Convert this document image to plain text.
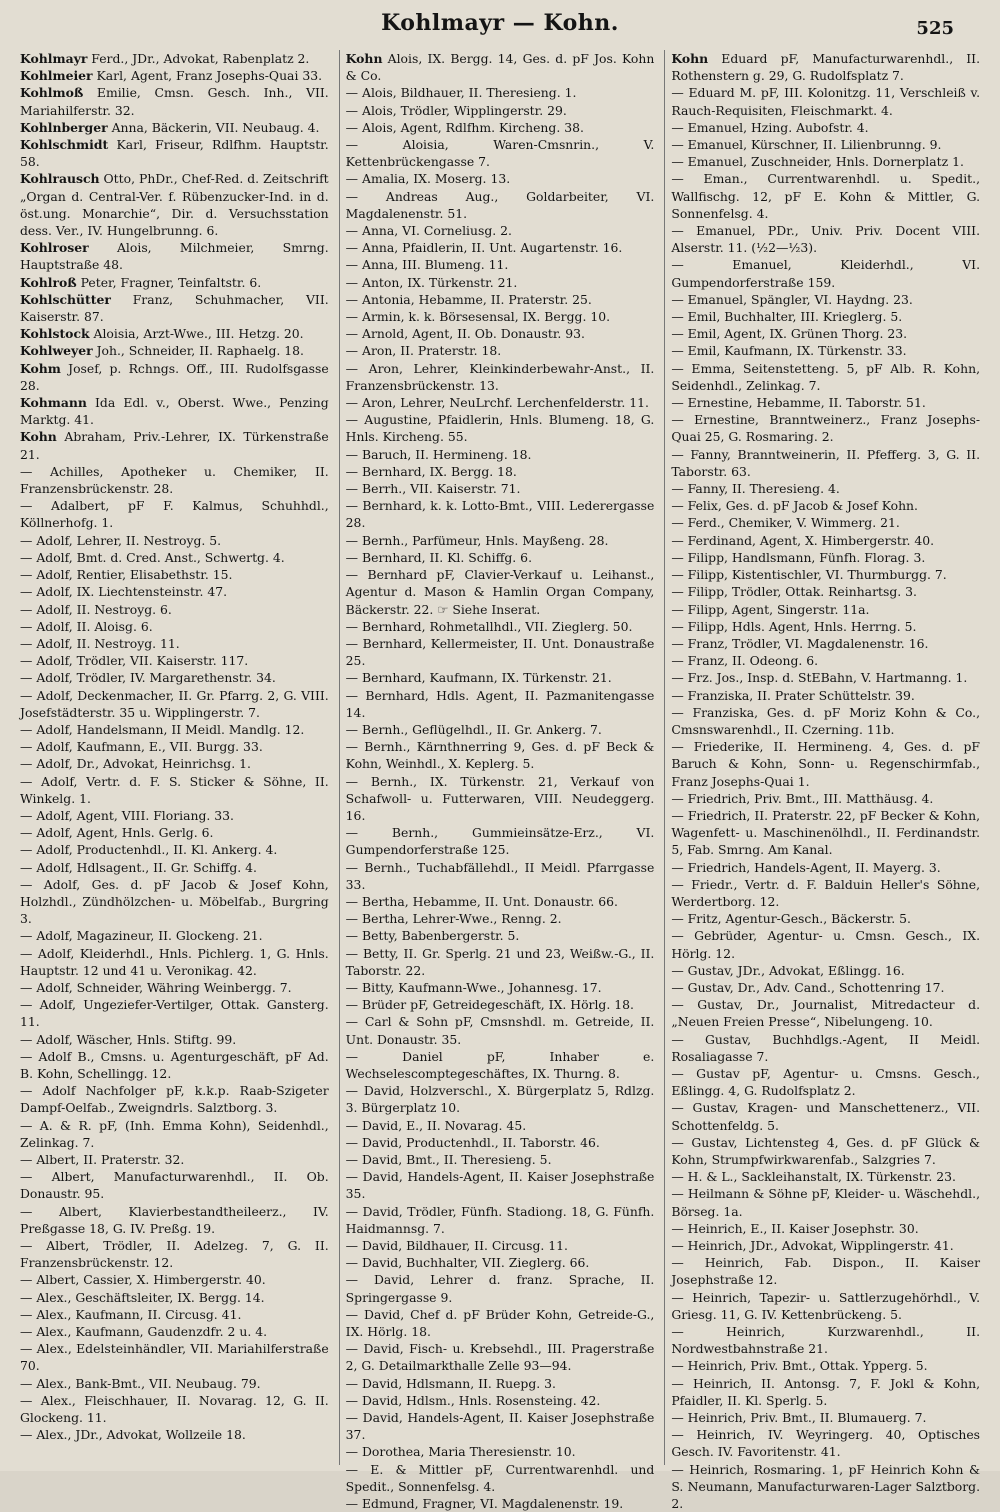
Kohlmayr — Kohn.	525
Kohlmayr Ferd., JDr., Advokat, Rabenplatz 2.
Kohlmeier Karl, Agent, Franz Josephs-Quai 33.
Kohlmoß Emilie, Cmsn. Gesch. Inh., VII. Mariahilferstr. 32.
Kohlnberger Anna, Bäckerin, VII. Neubaug. 4.
Kohlschmidt Karl, Friseur, Rdlfhm. Hauptstr. 58.
Kohlrausch Otto, PhDr., Chef-Red. d. Zeitschrift „Organ d. Central-Ver. f. Rübenzucker-Ind. in d. öst.ung. Monarchie“, Dir. d. Versuchsstation dess. Ver., IV. Hungelbrunng. 6.
Kohlroser Alois, Milchmeier, Smrng. Hauptstraße 48.
Kohlroß Peter, Fragner, Teinfaltstr. 6.
Kohlschütter Franz, Schuhmacher, VII. Kaiserstr. 87.
Kohlstock Aloisia, Arzt-Wwe., III. Hetzg. 20.
Kohlweyer Joh., Schneider, II. Raphaelg. 18.
Kohm Josef, p. Rchngs. Off., III. Rudolfsgasse 28.
Kohmann Ida Edl. v., Oberst. Wwe., Penzing Marktg. 41.
Kohn Abraham, Priv.-Lehrer, IX. Türkenstraße 21.
— Achilles, Apotheker u. Chemiker, II. Franzensbrückenstr. 28.
— Adalbert, pF F. Kalmus, Schuhhdl., Köllnerhofg. 1.
— Adolf, Lehrer, II. Nestroyg. 5.
— Adolf, Bmt. d. Cred. Anst., Schwertg. 4.
— Adolf, Rentier, Elisabethstr. 15.
— Adolf, IX. Liechtensteinstr. 47.
— Adolf, II. Nestroyg. 6.
— Adolf, II. Aloisg. 6.
— Adolf, II. Nestroyg. 11.
— Adolf, Trödler, VII. Kaiserstr. 117.
— Adolf, Trödler, IV. Margarethenstr. 34.
— Adolf, Deckenmacher, II. Gr. Pfarrg. 2, G. VIII. Josefstädterstr. 35 u. Wipplingerstr. 7.
— Adolf, Handelsmann, II Meidl. Mandlg. 12.
— Adolf, Kaufmann, E., VII. Burgg. 33.
— Adolf, Dr., Advokat, Heinrichsg. 1.
— Adolf, Vertr. d. F. S. Sticker & Söhne, II. Winkelg. 1.
— Adolf, Agent, VIII. Floriang. 33.
— Adolf, Agent, Hnls. Gerlg. 6.
— Adolf, Productenhdl., II. Kl. Ankerg. 4.
— Adolf, Hdlsagent., II. Gr. Schiffg. 4.
— Adolf, Ges. d. pF Jacob & Josef Kohn, Holzhdl., Zündhölzchen- u. Möbelfab., Burgring 3.
— Adolf, Magazineur, II. Glockeng. 21.
— Adolf, Kleiderhdl., Hnls. Pichlerg. 1, G. Hnls. Hauptstr. 12 und 41 u. Veronikag. 42.
— Adolf, Schneider, Währing Weinbergg. 7.
— Adolf, Ungeziefer-Vertilger, Ottak. Gansterg. 11.
— Adolf, Wäscher, Hnls. Stiftg. 99.
— Adolf B., Cmsns. u. Agenturgeschäft, pF Ad. B. Kohn, Schellingg. 12.
— Adolf Nachfolger pF, k.k.p. Raab-Szigeter Dampf-Oelfab., Zweigndrls. Salztborg. 3.
— A. & R. pF, (Inh. Emma Kohn), Seidenhdl., Zelinkag. 7.
— Albert, II. Praterstr. 32.
— Albert, Manufacturwarenhdl., II. Ob. Donaustr. 95.
— Albert, Klavierbestandtheileerz., IV. Preßgasse 18, G. IV. Preßg. 19.
— Albert, Trödler, II. Adelzeg. 7, G. II. Franzensbrückenstr. 12.
— Albert, Cassier, X. Himbergerstr. 40.
— Alex., Geschäftsleiter, IX. Bergg. 14.
— Alex., Kaufmann, II. Circusg. 41.
— Alex., Kaufmann, Gaudenzdfr. 2 u. 4.
— Alex., Edelsteinhändler, VII. Mariahilferstraße 70.
— Alex., Bank-Bmt., VII. Neubaug. 79.
— Alex., Fleischhauer, II. Novarag. 12, G. II. Glockeng. 11.
— Alex., JDr., Advokat, Wollzeile 18.
Kohn Alois, IX. Bergg. 14, Ges. d. pF Jos. Kohn & Co.
— Alois, Bildhauer, II. Theresieng. 1.
— Alois, Trödler, Wipplingerstr. 29.
— Alois, Agent, Rdlfhm. Kircheng. 38.
— Aloisia, Waren-Cmsnrin., V. Kettenbrückengasse 7.
— Amalia, IX. Moserg. 13.
— Andreas Aug., Goldarbeiter, VI. Magdalenenstr. 51.
— Anna, VI. Corneliusg. 2.
— Anna, Pfaidlerin, II. Unt. Augartenstr. 16.
— Anna, III. Blumeng. 11.
— Anton, IX. Türkenstr. 21.
— Antonia, Hebamme, II. Praterstr. 25.
— Armin, k. k. Börsesensal, IX. Bergg. 10.
— Arnold, Agent, II. Ob. Donaustr. 93.
— Aron, II. Praterstr. 18.
— Aron, Lehrer, Kleinkinderbewahr-Anst., II. Franzensbrückenstr. 13.
— Aron, Lehrer, NeuLrchf. Lerchenfelderstr. 11.
— Augustine, Pfaidlerin, Hnls. Blumeng. 18, G. Hnls. Kircheng. 55.
— Baruch, II. Hermineng. 18.
— Bernhard, IX. Bergg. 18.
— Berrh., VII. Kaiserstr. 71.
— Bernhard, k. k. Lotto-Bmt., VIII. Lederergasse 28.
— Bernh., Parfümeur, Hnls. Mayßeng. 28.
— Bernhard, II. Kl. Schiffg. 6.
— Bernhard pF, Clavier-Verkauf u. Leihanst., Agentur d. Mason & Hamlin Organ Company, Bäckerstr. 22. ☞ Siehe Inserat.
— Bernhard, Rohmetallhdl., VII. Zieglerg. 50.
— Bernhard, Kellermeister, II. Unt. Donaustraße 25.
— Bernhard, Kaufmann, IX. Türkenstr. 21.
— Bernhard, Hdls. Agent, II. Pazmanitengasse 14.
— Bernh., Geflügelhdl., II. Gr. Ankerg. 7.
— Bernh., Kärnthnerring 9, Ges. d. pF Beck & Kohn, Weinhdl., X. Keplerg. 5.
— Bernh., IX. Türkenstr. 21, Verkauf von Schafwoll- u. Futterwaren, VIII. Neudeggerg. 16.
— Bernh., Gummieinsätze-Erz., VI. Gumpendorferstraße 125.
— Bernh., Tuchabfällehdl., II Meidl. Pfarrgasse 33.
— Bertha, Hebamme, II. Unt. Donaustr. 66.
— Bertha, Lehrer-Wwe., Renng. 2.
— Betty, Babenbergerstr. 5.
— Betty, II. Gr. Sperlg. 21 und 23, Weißw.-G., II. Taborstr. 22.
— Bitty, Kaufmann-Wwe., Johannesg. 17.
— Brüder pF, Getreidegeschäft, IX. Hörlg. 18.
— Carl & Sohn pF, Cmsnshdl. m. Getreide, II. Unt. Donaustr. 35.
— Daniel pF, Inhaber e. Wechselescomptegeschäftes, IX. Thurng. 8.
— David, Holzverschl., X. Bürgerplatz 5, Rdlzg. 3. Bürgerplatz 10.
— David, E., II. Novarag. 45.
— David, Productenhdl., II. Taborstr. 46.
— David, Bmt., II. Theresieng. 5.
— David, Handels-Agent, II. Kaiser Josephstraße 35.
— David, Trödler, Fünfh. Stadiong. 18, G. Fünfh. Haidmannsg. 7.
— David, Bildhauer, II. Circusg. 11.
— David, Buchhalter, VII. Zieglerg. 66.
— David, Lehrer d. franz. Sprache, II. Springergasse 9.
— David, Chef d. pF Brüder Kohn, Getreide-G., IX. Hörlg. 18.
— David, Fisch- u. Krebsehdl., III. Pragerstraße 2, G. Detailmarkthalle Zelle 93—94.
— David, Hdlsmann, II. Ruepg. 3.
— David, Hdlsm., Hnls. Rosensteing. 42.
— David, Handels-Agent, II. Kaiser Josephstraße 37.
— Dorothea, Maria Theresienstr. 10.
— E. & Mittler pF, Currentwarenhdl. und Spedit., Sonnenfelsg. 4.
— Edmund, Fragner, VI. Magdalenenstr. 19.
Kohn Eduard pF, Manufacturwarenhdl., II. Rothenstern g. 29, G. Rudolfsplatz 7.
— Eduard M. pF, III. Kolonitzg. 11, Verschleiß v. Rauch-Requisiten, Fleischmarkt. 4.
— Emanuel, Hzing. Aubofstr. 4.
— Emanuel, Kürschner, II. Lilienbrunng. 9.
— Emanuel, Zuschneider, Hnls. Dornerplatz 1.
— Eman., Currentwarenhdl. u. Spedit., Wallfischg. 12, pF E. Kohn & Mittler, G. Sonnenfelsg. 4.
— Emanuel, PDr., Univ. Priv. Docent VIII. Alserstr. 11. (½2—½3).
— Emanuel, Kleiderhdl., VI. Gumpendorferstraße 159.
— Emanuel, Spängler, VI. Haydng. 23.
— Emil, Buchhalter, III. Krieglerg. 5.
— Emil, Agent, IX. Grünen Thorg. 23.
— Emil, Kaufmann, IX. Türkenstr. 33.
— Emma, Seitenstetteng. 5, pF Alb. R. Kohn, Seidenhdl., Zelinkag. 7.
— Ernestine, Hebamme, II. Taborstr. 51.
— Ernestine, Branntweinerz., Franz Josephs-Quai 25, G. Rosmaring. 2.
— Fanny, Branntweinerin, II. Pfefferg. 3, G. II. Taborstr. 63.
— Fanny, II. Theresieng. 4.
— Felix, Ges. d. pF Jacob & Josef Kohn.
— Ferd., Chemiker, V. Wimmerg. 21.
— Ferdinand, Agent, X. Himbergerstr. 40.
— Filipp, Handlsmann, Fünfh. Florag. 3.
— Filipp, Kistentischler, VI. Thurmburgg. 7.
— Filipp, Trödler, Ottak. Reinhartsg. 3.
— Filipp, Agent, Singerstr. 11a.
— Filipp, Hdls. Agent, Hnls. Herrng. 5.
— Franz, Trödler, VI. Magdalenenstr. 16.
— Franz, II. Odeong. 6.
— Frz. Jos., Insp. d. StEBahn, V. Hartmanng. 1.
— Franziska, II. Prater Schüttelstr. 39.
— Franziska, Ges. d. pF Moriz Kohn & Co., Cmsnswarenhdl., II. Czerning. 11b.
— Friederike, II. Hermineng. 4, Ges. d. pF Baruch & Kohn, Sonn- u. Regenschirmfab., Franz Josephs-Quai 1.
— Friedrich, Priv. Bmt., III. Matthäusg. 4.
— Friedrich, II. Praterstr. 22, pF Becker & Kohn, Wagenfett- u. Maschinenölhdl., II. Ferdinandstr. 5, Fab. Smrng. Am Kanal.
— Friedrich, Handels-Agent, II. Mayerg. 3.
— Friedr., Vertr. d. F. Balduin Heller's Söhne, Werdertborg. 12.
— Fritz, Agentur-Gesch., Bäckerstr. 5.
— Gebrüder, Agentur- u. Cmsn. Gesch., IX. Hörlg. 12.
— Gustav, JDr., Advokat, Eßlingg. 16.
— Gustav, Dr., Adv. Cand., Schottenring 17.
— Gustav, Dr., Journalist, Mitredacteur d. „Neuen Freien Presse“, Nibelungeng. 10.
— Gustav, Buchhdlgs.-Agent, II Meidl. Rosaliagasse 7.
— Gustav pF, Agentur- u. Cmsns. Gesch., Eßlingg. 4, G. Rudolfsplatz 2.
— Gustav, Kragen- und Manschettenerz., VII. Schottenfeldg. 5.
— Gustav, Lichtensteg 4, Ges. d. pF Glück & Kohn, Strumpfwirkwarenfab., Salzgries 7.
— H. & L., Sackleihanstalt, IX. Türkenstr. 23.
— Heilmann & Söhne pF, Kleider- u. Wäschehdl., Börseg. 1a.
— Heinrich, E., II. Kaiser Josephstr. 30.
— Heinrich, JDr., Advokat, Wipplingerstr. 41.
— Heinrich, Fab. Dispon., II. Kaiser Josephstraße 12.
— Heinrich, Tapezir- u. Sattlerzugehörhdl., V. Griesg. 11, G. IV. Kettenbrückeng. 5.
— Heinrich, Kurzwarenhdl., II. Nordwestbahnstraße 21.
— Heinrich, Priv. Bmt., Ottak. Ypperg. 5.
— Heinrich, II. Antonsg. 7, F. Jokl & Kohn, Pfaidler, II. Kl. Sperlg. 5.
— Heinrich, Priv. Bmt., II. Blumauerg. 7.
— Heinrich, IV. Weyringerg. 40, Optisches Gesch. IV. Favoritenstr. 41.
— Heinrich, Rosmaring. 1, pF Heinrich Kohn & S. Neumann, Manufacturwaren-Lager Salztborg. 2.
